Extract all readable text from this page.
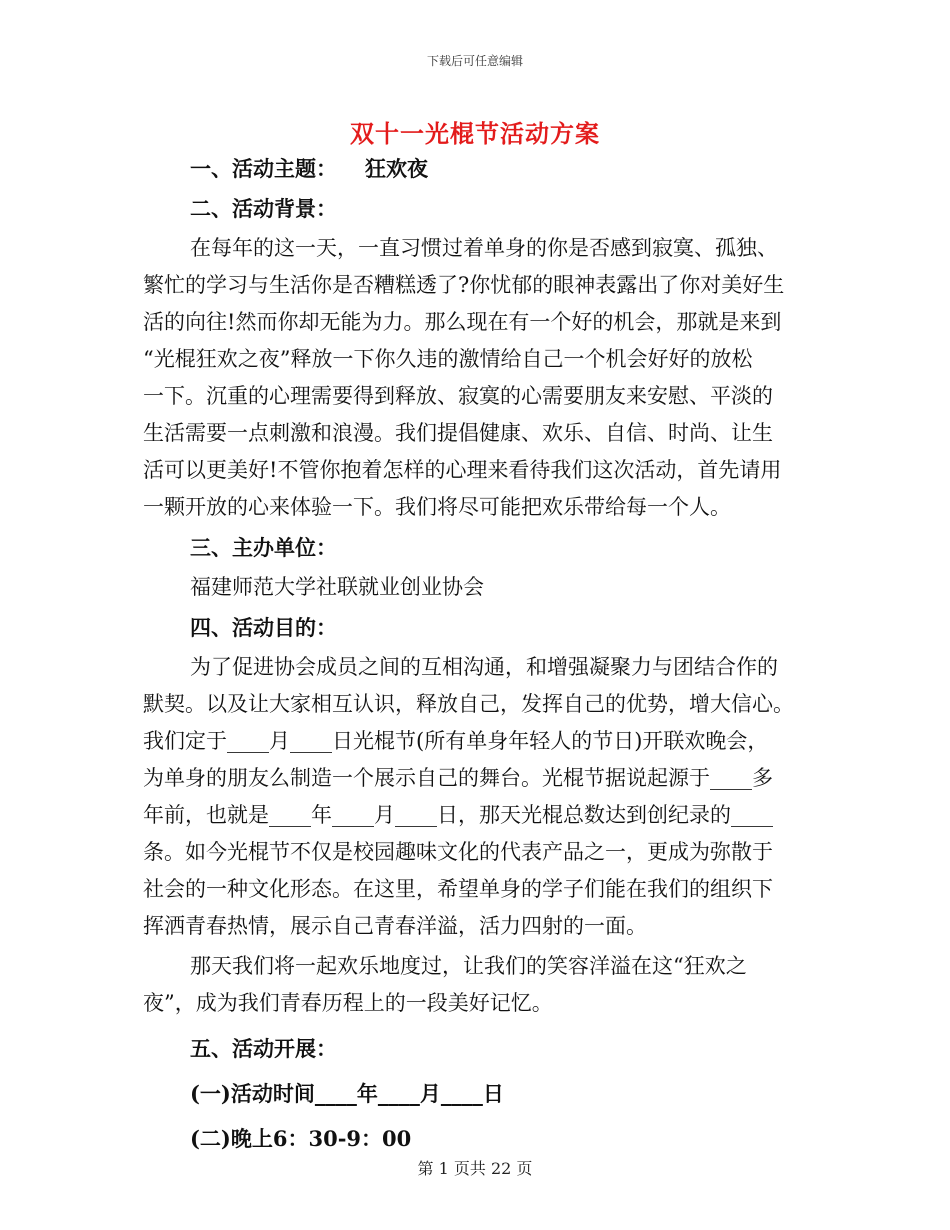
下载后可任意编辑
双十一光棍节活动方案
一、活动主题： 狂欢夜
二、活动背景：
在每年的这一天，一直习惯过着单身的你是否感到寂寞、孤独、
繁忙的学习与生活你是否糟糕透了?你忧郁的眼神表露出了你对美好生
活的向往!然而你却无能为力。那么现在有一个好的机会，那就是来到
“光棍狂欢之夜”释放一下你久违的激情给自己一个机会好好的放松
一下。沉重的心理需要得到释放、寂寞的心需要朋友来安慰、平淡的
生活需要一点刺激和浪漫。我们提倡健康、欢乐、自信、时尚、让生
活可以更美好!不管你抱着怎样的心理来看待我们这次活动，首先请用
一颗开放的心来体验一下。我们将尽可能把欢乐带给每一个人。
三、主办单位：
福建师范大学社联就业创业协会
四、活动目的：
为了促进协会成员之间的互相沟通，和增强凝聚力与团结合作的
默契。以及让大家相互认识，释放自己，发挥自己的优势，增大信心。
我们定于____月____日光棍节(所有单身年轻人的节日)开联欢晚会，
为单身的朋友么制造一个展示自己的舞台。光棍节据说起源于____多
年前，也就是____年____月____日，那天光棍总数达到创纪录的____
条。如今光棍节不仅是校园趣味文化的代表产品之一，更成为弥散于
社会的一种文化形态。在这里，希望单身的学子们能在我们的组织下
挥洒青春热情，展示自己青春洋溢，活力四射的一面。
那天我们将一起欢乐地度过，让我们的笑容洋溢在这“狂欢之
夜”，成为我们青春历程上的一段美好记忆。
五、活动开展：
(一)活动时间____年____月____日
(二)晚上6：30-9：00
第 1 页共 22 页
